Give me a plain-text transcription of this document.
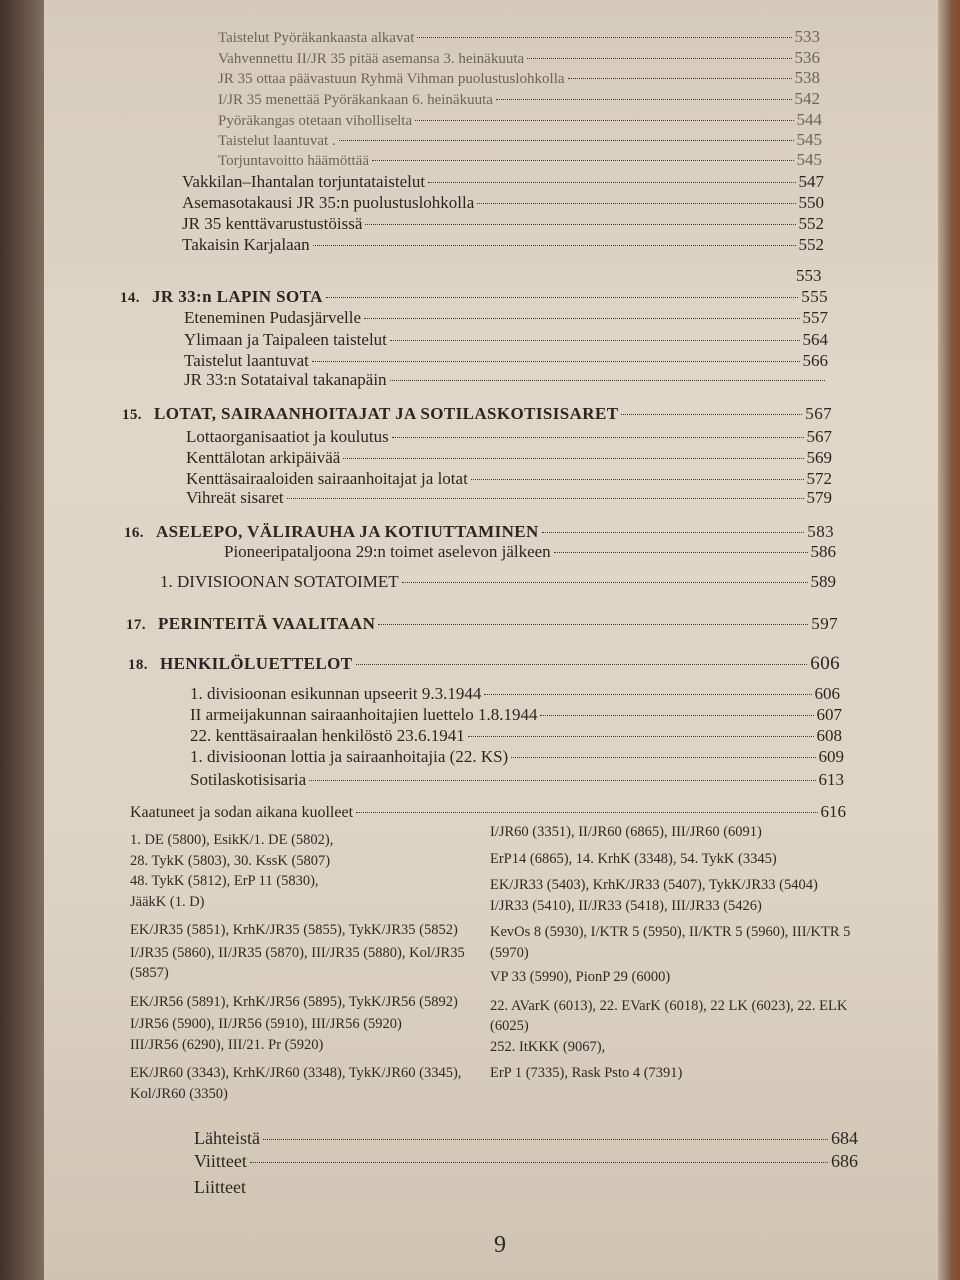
Taistelut Pyöräkankaasta alkavat	533
Vahvennettu II/JR 35 pitää asemansa 3. heinäkuuta	536
JR 35 ottaa päävastuun Ryhmä Vihman puolustuslohkolla	538
I/JR 35 menettää Pyöräkankaan 6. heinäkuuta	542
Pyöräkangas otetaan viholliselta	544
Taistelut laantuvat .	545
Torjuntavoitto häämöttää	545
Vakkilan–Ihantalan torjuntataistelut	547
Asemasotakausi JR 35:n puolustuslohkolla	550
JR 35 kenttävarustustöissä	552
Takaisin Karjalaan	552
553
14. JR 33:n LAPIN SOTA	555
Eteneminen Pudasjärvelle	557
Ylimaan ja Taipaleen taistelut	564
Taistelut laantuvat	566
JR 33:n Sotataival takanapäin
15. LOTAT, SAIRAANHOITAJAT JA SOTILASKOTISISARET	567
Lottaorganisaatiot ja koulutus	567
Kenttälotan arkipäivää	569
Kenttäsairaaloiden sairaanhoitajat ja lotat	572
Vihreät sisaret	579
16. ASELEPO, VÄLIRAUHA JA KOTIUTTAMINEN	583
Pioneeripataljoona 29:n toimet aselevon jälkeen	586
1. DIVISIOONAN SOTATOIMET	589
17. PERINTEITÄ VAALITAAN	597
18. HENKILÖLUETTELOT	606
1. divisioonan esikunnan upseerit 9.3.1944	606
II armeijakunnan sairaanhoitajien luettelo 1.8.1944	607
22. kenttäsairaalan henkilöstö 23.6.1941	608
1. divisioonan lottia ja sairaanhoitajia (22. KS)	609
Sotilaskotisisaria	613
Kaatuneet ja sodan aikana kuolleet	616
1. DE (5800), EsikK/1. DE (5802),
28. TykK (5803), 30. KssK (5807)
48. TykK (5812), ErP 11 (5830),
JääkK (1. D)
EK/JR35 (5851), KrhK/JR35 (5855), TykK/JR35 (5852)
I/JR35 (5860), II/JR35 (5870), III/JR35 (5880), Kol/JR35 (5857)
EK/JR56 (5891), KrhK/JR56 (5895), TykK/JR56 (5892)
I/JR56 (5900), II/JR56 (5910), III/JR56 (5920)
III/JR56 (6290), III/21. Pr (5920)
EK/JR60 (3343), KrhK/JR60 (3348), TykK/JR60 (3345), Kol/JR60 (3350)
I/JR60 (3351), II/JR60 (6865), III/JR60 (6091)
ErP14 (6865), 14. KrhK (3348), 54. TykK (3345)
EK/JR33 (5403), KrhK/JR33 (5407), TykK/JR33 (5404)
I/JR33 (5410), II/JR33 (5418), III/JR33 (5426)
KevOs 8 (5930), I/KTR 5 (5950), II/KTR 5 (5960), III/KTR 5 (5970)
VP 33 (5990), PionP 29 (6000)
22. AVarK (6013), 22. EVarK (6018), 22 LK (6023), 22. ELK (6025)
252. ItKKK (9067),
ErP 1 (7335), Rask Psto 4 (7391)
Lähteistä	684
Viitteet	686
Liitteet
9
